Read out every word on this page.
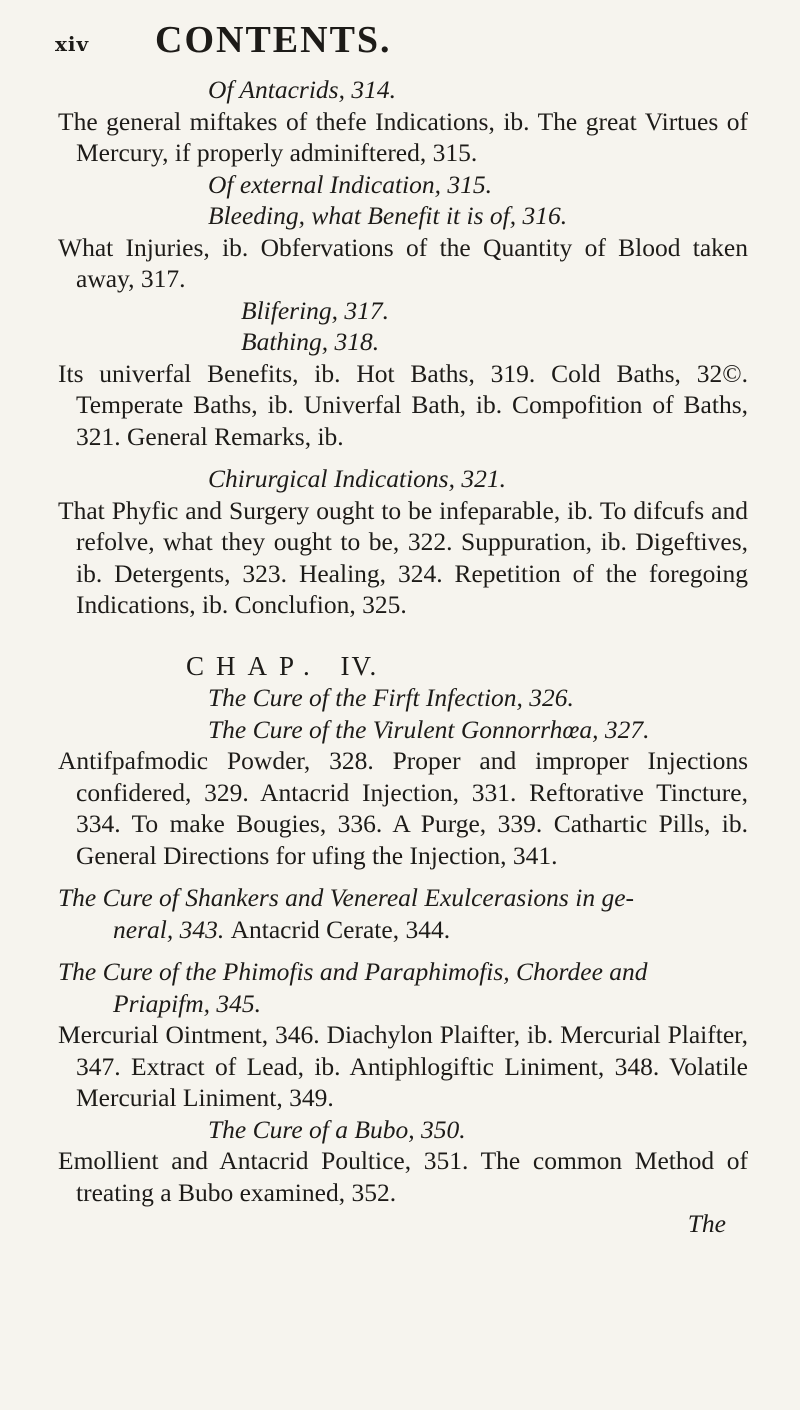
xiv CONTENTS.

Of Antacrids, 314.

The general miftakes of thefe Indications, ib. The great Virtues of Mercury, if properly adminiftered, 315.

Of external Indication, 315.

Bleeding, what Benefit it is of, 316.

What Injuries, ib. Obfervations of the Quantity of Blood taken away, 317.

Blifering, 317.

Bathing, 318.

Its univerfal Benefits, ib. Hot Baths, 319. Cold Baths, 32©. Temperate Baths, ib. Univerfal Bath, ib. Compofition of Baths, 321. General Remarks, ib.

Chirurgical Indications, 321.

That Phyfic and Surgery ought to be infeparable, ib. To difcufs and refolve, what they ought to be, 322. Suppuration, ib. Digeftives, ib. Detergents, 323. Healing, 324. Repetition of the foregoing Indications, ib. Conclufion, 325.

CHAP. IV.

The Cure of the Firft Infection, 326.

The Cure of the Virulent Gonnorrhœa, 327.

Antifpafmodic Powder, 328. Proper and improper Injections confidered, 329. Antacrid Injection, 331. Reftorative Tincture, 334. To make Bougies, 336. A Purge, 339. Cathartic Pills, ib. General Directions for ufing the Injection, 341.

The Cure of Shankers and Venereal Exulcerasions in ge-
neral, 343. Antacrid Cerate, 344.

The Cure of the Phimofis and Paraphimofis, Chordee and
Priapifm, 345.

Mercurial Ointment, 346. Diachylon Plaifter, ib. Mercurial Plaifter, 347. Extract of Lead, ib. Antiphlogiftic Liniment, 348. Volatile Mercurial Liniment, 349.

The Cure of a Bubo, 350.

Emollient and Antacrid Poultice, 351. The common Method of treating a Bubo examined, 352.

The
